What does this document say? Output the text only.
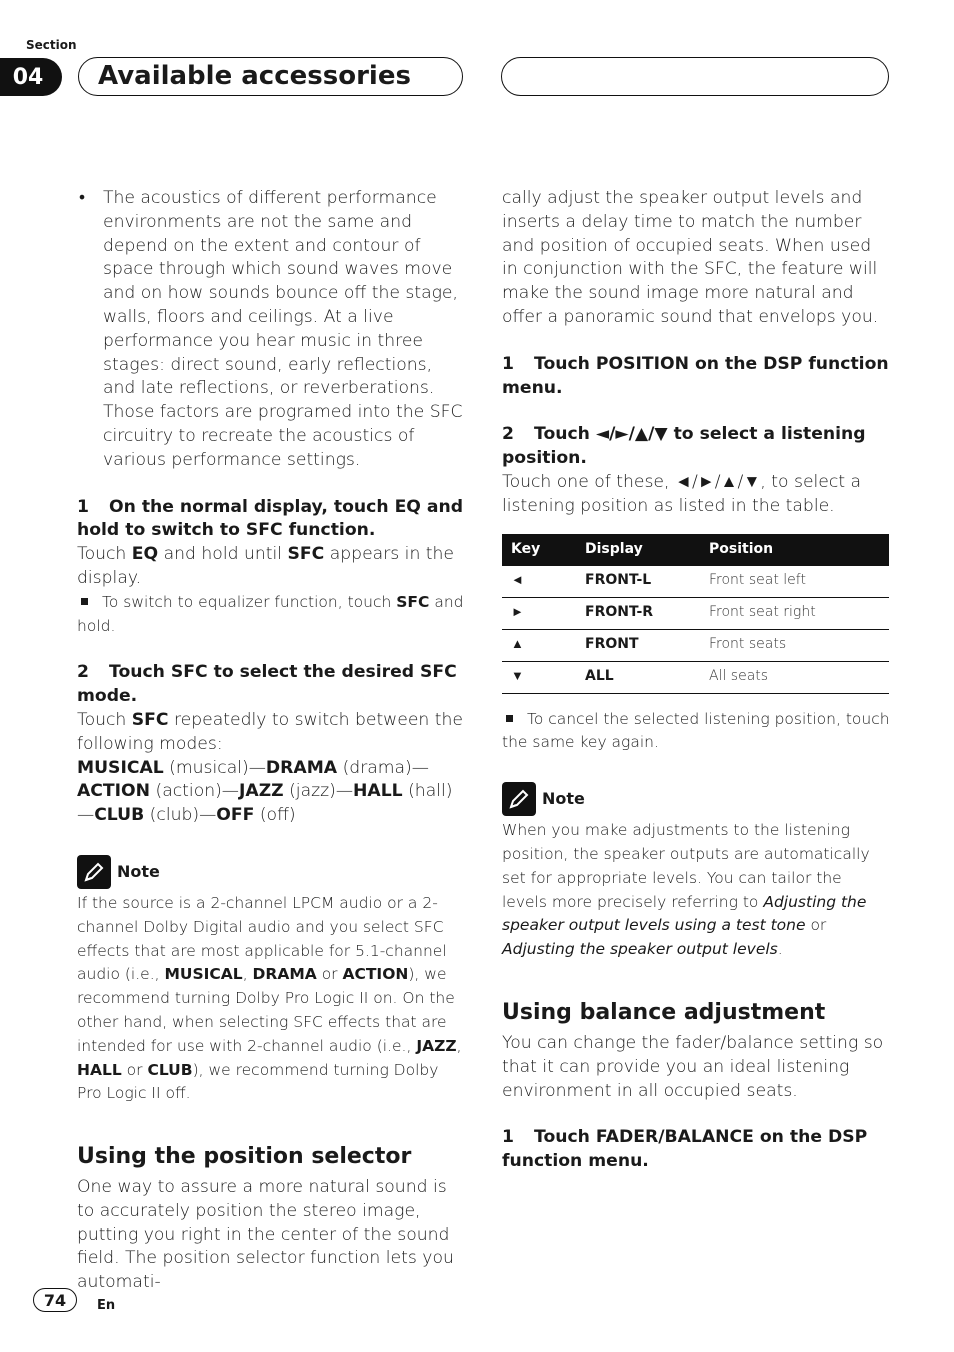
Section
04	Available accessories

• The acoustics of different performance environments are not the same and depend on the extent and contour of space through which sound waves move and on how sounds bounce off the stage, walls, floors and ceilings. At a live performance you hear music in three stages: direct sound, early reflections, and late reflections, or reverberations. Those factors are programed into the SFC circuitry to recreate the acoustics of various performance settings.

1 On the normal display, touch EQ and hold to switch to SFC function.

Touch EQ and hold until SFC appears in the display.

To switch to equalizer function, touch SFC and hold.

2 Touch SFC to select the desired SFC mode.

Touch SFC repeatedly to switch between the following modes:

MUSICAL (musical)—DRAMA (drama)—ACTION (action)—JAZZ (jazz)—HALL (hall)—CLUB (club)—OFF (off)

Note

If the source is a 2-channel LPCM audio or a 2-channel Dolby Digital audio and you select SFC effects that are most applicable for 5.1-channel audio (i.e., MUSICAL, DRAMA or ACTION), we recommend turning Dolby Pro Logic II on. On the other hand, when selecting SFC effects that are intended for use with 2-channel audio (i.e., JAZZ, HALL or CLUB), we recommend turning Dolby Pro Logic II off.

Using the position selector

One way to assure a more natural sound is to accurately position the stereo image, putting you right in the center of the sound field. The position selector function lets you automati-

cally adjust the speaker output levels and inserts a delay time to match the number and position of occupied seats. When used in conjunction with the SFC, the feature will make the sound image more natural and offer a panoramic sound that envelops you.

1 Touch POSITION on the DSP function menu.

2 Touch ◄/►/▲/▼ to select a listening position.

Touch one of these, ◄/►/▲/▼, to select a listening position as listed in the table.

Key	Display	Position
◄	FRONT-L	Front seat left
►	FRONT-R	Front seat right
▲	FRONT	Front seats
▼	ALL	All seats

To cancel the selected listening position, touch the same key again.

Note

When you make adjustments to the listening position, the speaker outputs are automatically set for appropriate levels. You can tailor the levels more precisely referring to Adjusting the speaker output levels using a test tone or Adjusting the speaker output levels.

Using balance adjustment

You can change the fader/balance setting so that it can provide you an ideal listening environment in all occupied seats.

1 Touch FADER/BALANCE on the DSP function menu.

74	En
